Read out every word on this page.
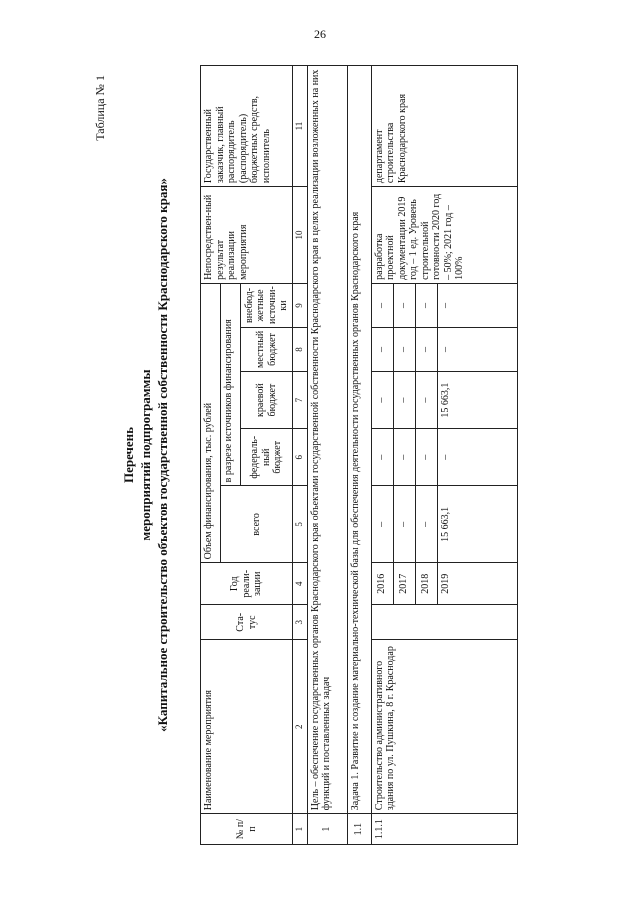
26
Таблица № 1
Перечень мероприятий подпрограммы «Капитальное строительство объектов государственной собственности Краснодарского края»
№ п/п	Наименование мероприятия	Ста-тус	Год реали-зации	Объем финансирования, тыс. рублей					Непосредствен-ный результат реализации мероприятия	Государственный заказчик, главный распорядитель (распорядитель) бюджетных средств, исполнитель
				всего	в разрезе источников финансирования					
					федераль-ный бюджет	краевой бюджет	местный бюджет	внебюд-жетные источни-ки		
1	2	3	4	5	6	7	8	9	10	11
1	Цель – обеспечение государственных органов Краснодарского края объектами государственной собственности Краснодарского края в целях реализации возложенных на них функций и поставленных задач									
1.1	Задача 1. Развитие и создание материально-технической базы для обеспечения деятельности государственных органов Краснодарского края									
1.1.1	Строительство административного здания по ул. Пушкина, 8 г. Краснодар		2016	–	–	–	–	–	разработка проектной документации 2019 год – 1 ед. Уровень строительной готовности 2020 год – 50%; 2021 год – 100%	департамент строительства Краснодарского края
			2017	–	–	–	–	–		
			2018	–	–	–	–	–		
			2019	15 663,1	–	15 663,1	–	–		
